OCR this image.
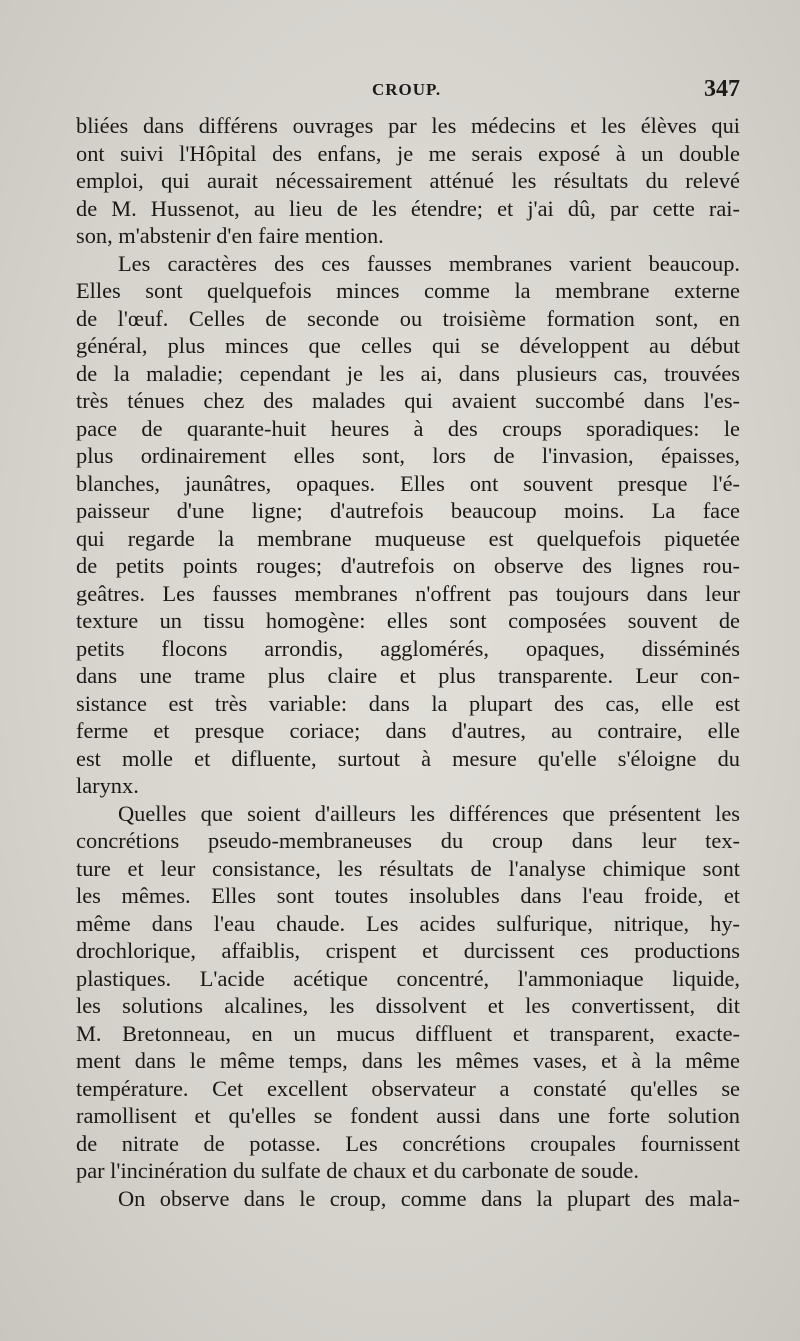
CROUP.	347
bliées dans différens ouvrages par les médecins et les élèves qui
ont suivi l'Hôpital des enfans, je me serais exposé à un double
emploi, qui aurait nécessairement atténué les résultats du relevé
de M. Hussenot, au lieu de les étendre; et j'ai dû, par cette rai-
son, m'abstenir d'en faire mention.
Les caractères des ces fausses membranes varient beaucoup.
Elles sont quelquefois minces comme la membrane externe
de l'œuf. Celles de seconde ou troisième formation sont, en
général, plus minces que celles qui se développent au début
de la maladie; cependant je les ai, dans plusieurs cas, trouvées
très ténues chez des malades qui avaient succombé dans l'es-
pace de quarante-huit heures à des croups sporadiques: le
plus ordinairement elles sont, lors de l'invasion, épaisses,
blanches, jaunâtres, opaques. Elles ont souvent presque l'é-
paisseur d'une ligne; d'autrefois beaucoup moins. La face
qui regarde la membrane muqueuse est quelquefois piquetée
de petits points rouges; d'autrefois on observe des lignes rou-
geâtres. Les fausses membranes n'offrent pas toujours dans leur
texture un tissu homogène: elles sont composées souvent de
petits flocons arrondis, agglomérés, opaques, disséminés
dans une trame plus claire et plus transparente. Leur con-
sistance est très variable: dans la plupart des cas, elle est
ferme et presque coriace; dans d'autres, au contraire, elle
est molle et difluente, surtout à mesure qu'elle s'éloigne du
larynx.
Quelles que soient d'ailleurs les différences que présentent les
concrétions pseudo-membraneuses du croup dans leur tex-
ture et leur consistance, les résultats de l'analyse chimique sont
les mêmes. Elles sont toutes insolubles dans l'eau froide, et
même dans l'eau chaude. Les acides sulfurique, nitrique, hy-
drochlorique, affaiblis, crispent et durcissent ces productions
plastiques. L'acide acétique concentré, l'ammoniaque liquide,
les solutions alcalines, les dissolvent et les convertissent, dit
M. Bretonneau, en un mucus diffluent et transparent, exacte-
ment dans le même temps, dans les mêmes vases, et à la même
température. Cet excellent observateur a constaté qu'elles se
ramollisent et qu'elles se fondent aussi dans une forte solution
de nitrate de potasse. Les concrétions croupales fournissent
par l'incinération du sulfate de chaux et du carbonate de soude.
On observe dans le croup, comme dans la plupart des mala-
